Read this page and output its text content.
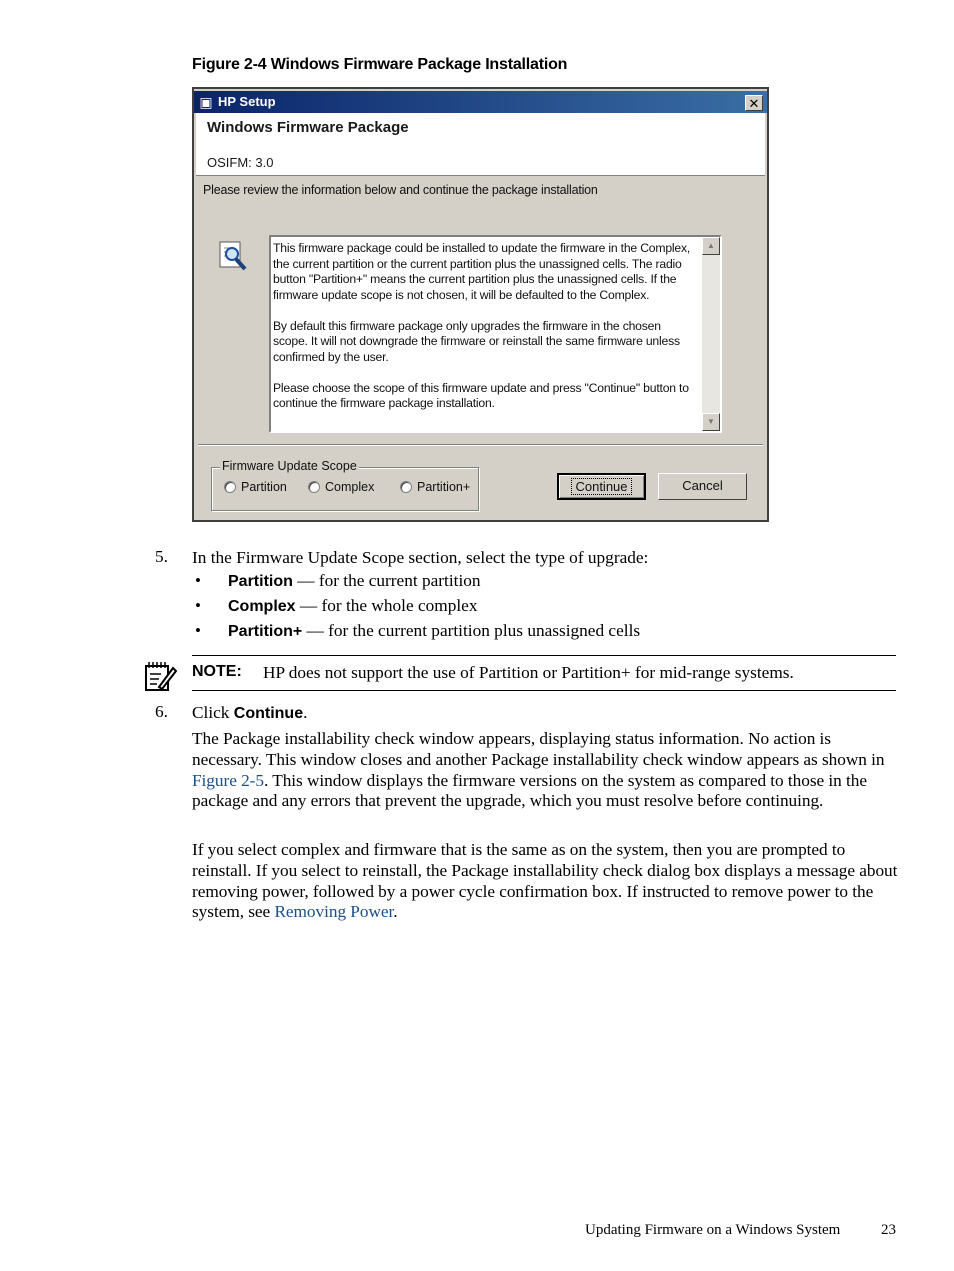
Figure 2-4 Windows Firmware Package Installation
▣ HP Setup	✕
Windows Firmware Package
OSIFM: 3.0
Please review the information below and continue the package installation

This firmware package could be installed to update the firmware in the Complex, the current partition or the current partition plus the unassigned cells. The radio button "Partition+" means the current partition plus the unassigned cells. If the firmware update scope is not chosen, it will be defaulted to the Complex.

By default this firmware package only upgrades the firmware in the chosen scope. It will not downgrade the firmware or reinstall the same firmware unless confirmed by the user.

Please choose the scope of this firmware update and press "Continue" button to continue the firmware package installation.

▲
▼
Firmware Update Scope
Partition	Complex	Partition+	Continue	Cancel
5. In the Firmware Update Scope section, select the type of upgrade:
• Partition — for the current partition
• Complex — for the whole complex
• Partition+ — for the current partition plus unassigned cells
NOTE: HP does not support the use of Partition or Partition+ for mid-range systems.
6. Click Continue.
The Package installability check window appears, displaying status information. No action is necessary. This window closes and another Package installability check window appears as shown in Figure 2-5. This window displays the firmware versions on the system as compared to those in the package and any errors that prevent the upgrade, which you must resolve before continuing.
If you select complex and firmware that is the same as on the system, then you are prompted to reinstall. If you select to reinstall, the Package installability check dialog box displays a message about removing power, followed by a power cycle confirmation box. If instructed to remove power to the system, see Removing Power.
Updating Firmware on a Windows System	23
